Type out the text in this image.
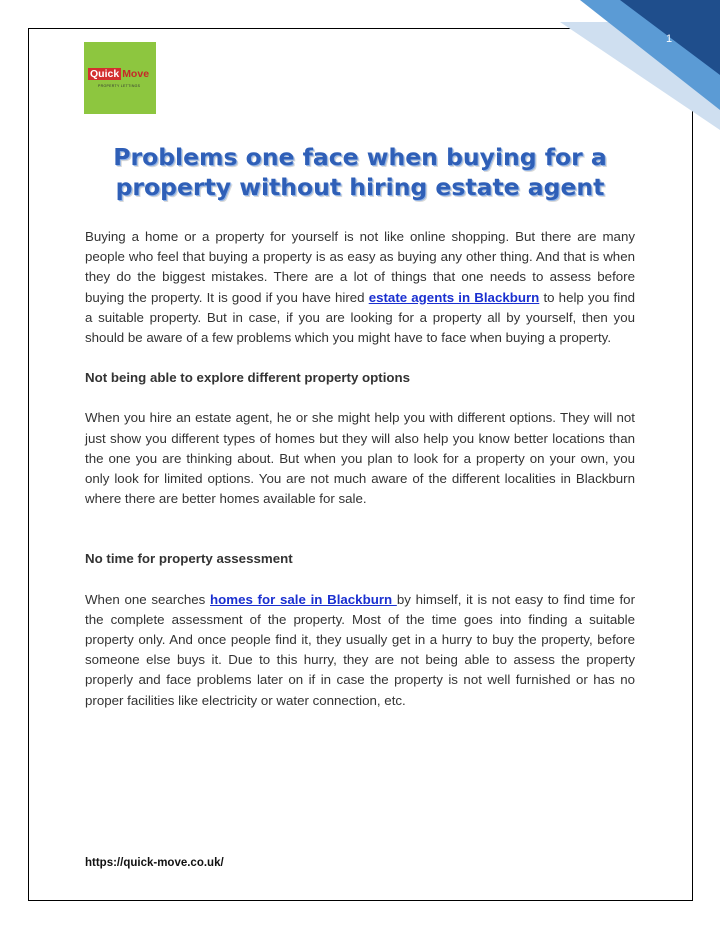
1
Quick Move
PROPERTY LETTINGS
Problems one face when buying for a property without hiring estate agent

Buying a home or a property for yourself is not like online shopping. But there are many people who feel that buying a property is as easy as buying any other thing. And that is when they do the biggest mistakes. There are a lot of things that one needs to assess before buying the property. It is good if you have hired estate agents in Blackburn to help you find a suitable property. But in case, if you are looking for a property all by yourself, then you should be aware of a few problems which you might have to face when buying a property.

Not being able to explore different property options

When you hire an estate agent, he or she might help you with different options. They will not just show you different types of homes but they will also help you know better locations than the one you are thinking about. But when you plan to look for a property on your own, you only look for limited options. You are not much aware of the different localities in Blackburn where there are better homes available for sale.

No time for property assessment

When one searches homes for sale in Blackburn by himself, it is not easy to find time for the complete assessment of the property. Most of the time goes into finding a suitable property only. And once people find it, they usually get in a hurry to buy the property, before someone else buys it. Due to this hurry, they are not being able to assess the property properly and face problems later on if in case the property is not well furnished or has no proper facilities like electricity or water connection, etc.

https://quick-move.co.uk/
